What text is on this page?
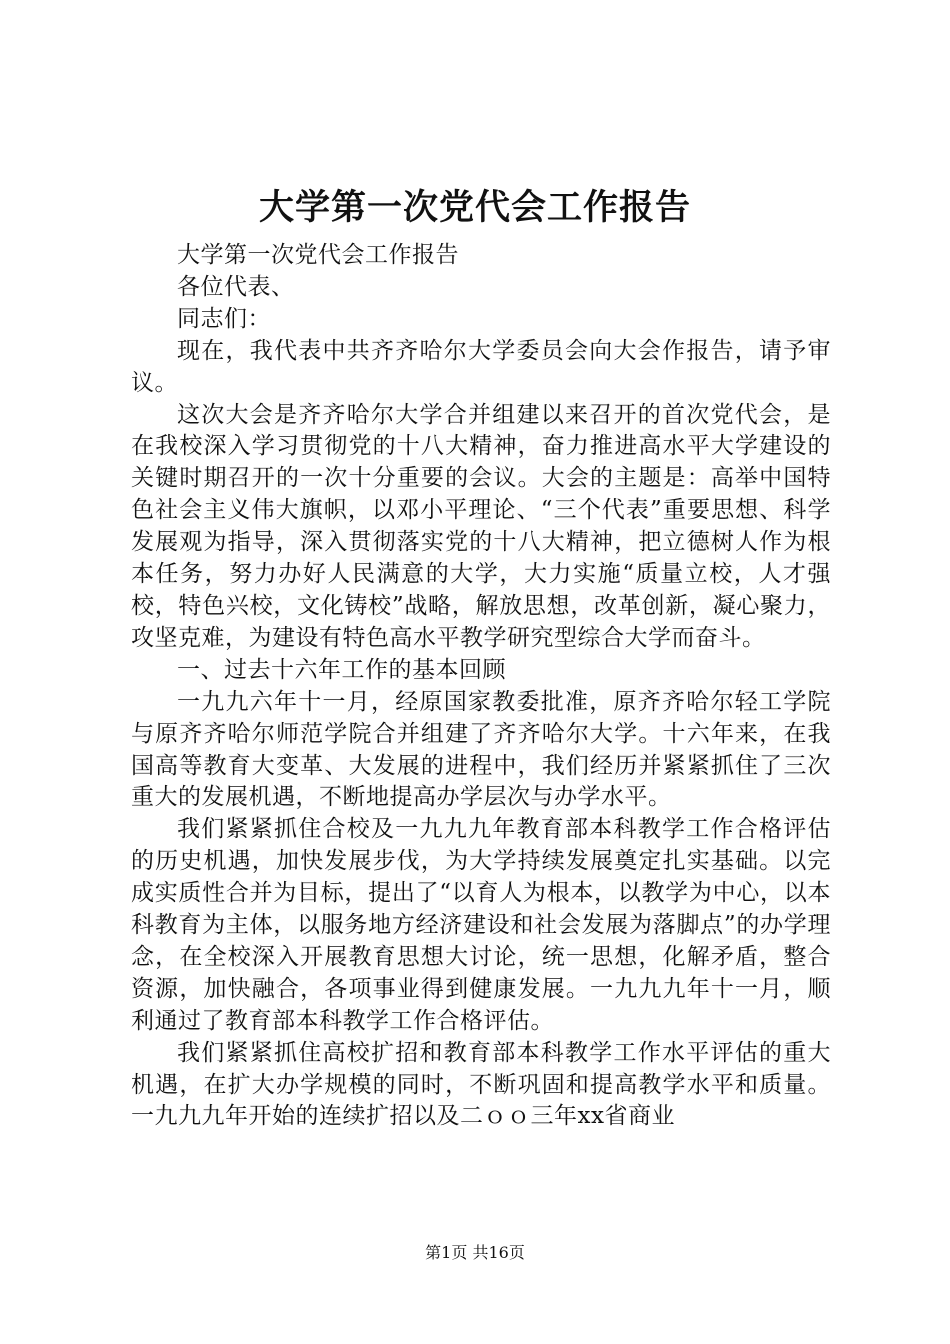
大学第一次党代会工作报告

大学第一次党代会工作报告

各位代表、

同志们：

现在，我代表中共齐齐哈尔大学委员会向大会作报告，请予审议。

这次大会是齐齐哈尔大学合并组建以来召开的首次党代会，是在我校深入学习贯彻党的十八大精神，奋力推进高水平大学建设的关键时期召开的一次十分重要的会议。大会的主题是：高举中国特色社会主义伟大旗帜，以邓小平理论、“三个代表”重要思想、科学发展观为指导，深入贯彻落实党的十八大精神，把立德树人作为根本任务，努力办好人民满意的大学，大力实施“质量立校，人才强校，特色兴校，文化铸校”战略，解放思想，改革创新，凝心聚力，攻坚克难，为建设有特色高水平教学研究型综合大学而奋斗。

一、过去十六年工作的基本回顾

一九九六年十一月，经原国家教委批准，原齐齐哈尔轻工学院与原齐齐哈尔师范学院合并组建了齐齐哈尔大学。十六年来，在我国高等教育大变革、大发展的进程中，我们经历并紧紧抓住了三次重大的发展机遇，不断地提高办学层次与办学水平。

我们紧紧抓住合校及一九九九年教育部本科教学工作合格评估的历史机遇，加快发展步伐，为大学持续发展奠定扎实基础。以完成实质性合并为目标，提出了“以育人为根本，以教学为中心，以本科教育为主体，以服务地方经济建设和社会发展为落脚点”的办学理念，在全校深入开展教育思想大讨论，统一思想，化解矛盾，整合资源，加快融合，各项事业得到健康发展。一九九九年十一月，顺利通过了教育部本科教学工作合格评估。

我们紧紧抓住高校扩招和教育部本科教学工作水平评估的重大机遇，在扩大办学规模的同时，不断巩固和提高教学水平和质量。一九九九年开始的连续扩招以及二ｏｏ三年xx省商业

第1页 共16页
